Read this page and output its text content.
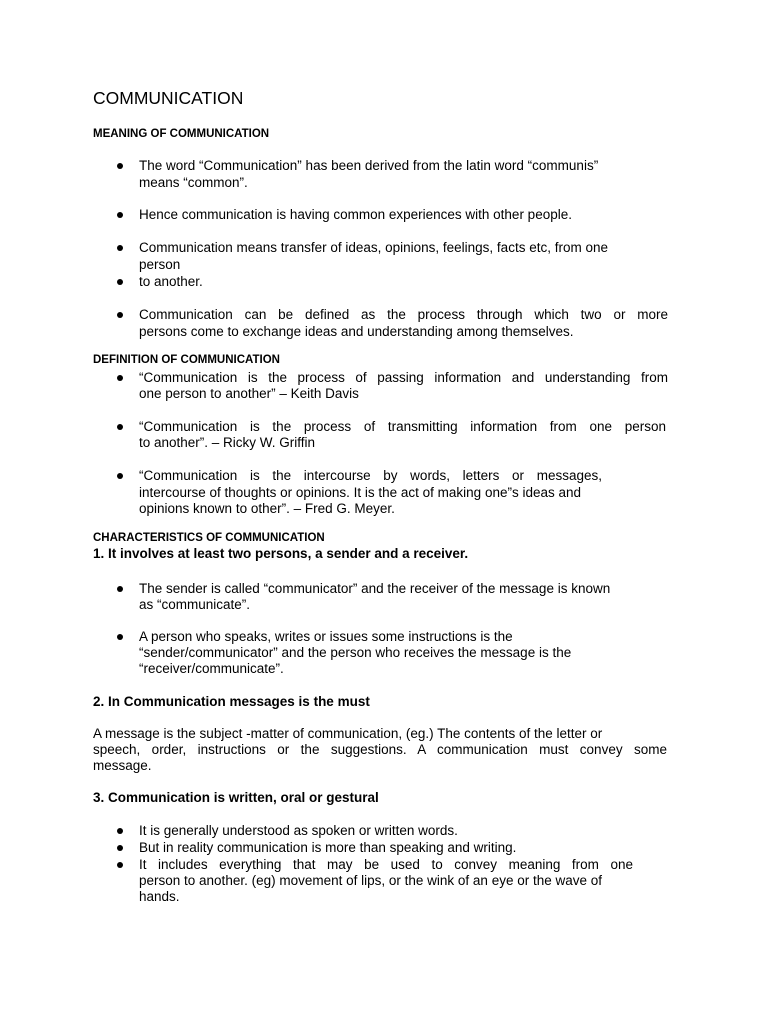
COMMUNICATION
MEANING OF COMMUNICATION
The word “Communication” has been derived from the latin word “communis”
means “common”.
Hence communication is having common experiences with other people.
Communication means transfer of ideas, opinions, feelings, facts etc, from one
person
to another.
Communication can be defined as the process through which two or more
persons come to exchange ideas and understanding among themselves.
DEFINITION OF COMMUNICATION
“Communication is the process of passing information and understanding from
one person to another” – Keith Davis
“Communication is the process of transmitting information from one person
to another”. – Ricky W. Griffin
“Communication is the intercourse by words, letters or messages,
intercourse of thoughts or opinions. It is the act of making one”s ideas and
opinions known to other”. – Fred G. Meyer.
CHARACTERISTICS OF COMMUNICATION
1. It involves at least two persons, a sender and a receiver.
The sender is called “communicator” and the receiver of the message is known
as “communicate”.
A person who speaks, writes or issues some instructions is the
“sender/communicator” and the person who receives the message is the
“receiver/communicate”.
2. In Communication messages is the must
A message is the subject -matter of communication, (eg.) The contents of the letter or
speech, order, instructions or the suggestions. A communication must convey some
message.
3. Communication is written, oral or gestural
It is generally understood as spoken or written words.
But in reality communication is more than speaking and writing.
It includes everything that may be used to convey meaning from one
person to another. (eg) movement of lips, or the wink of an eye or the wave of
hands.
